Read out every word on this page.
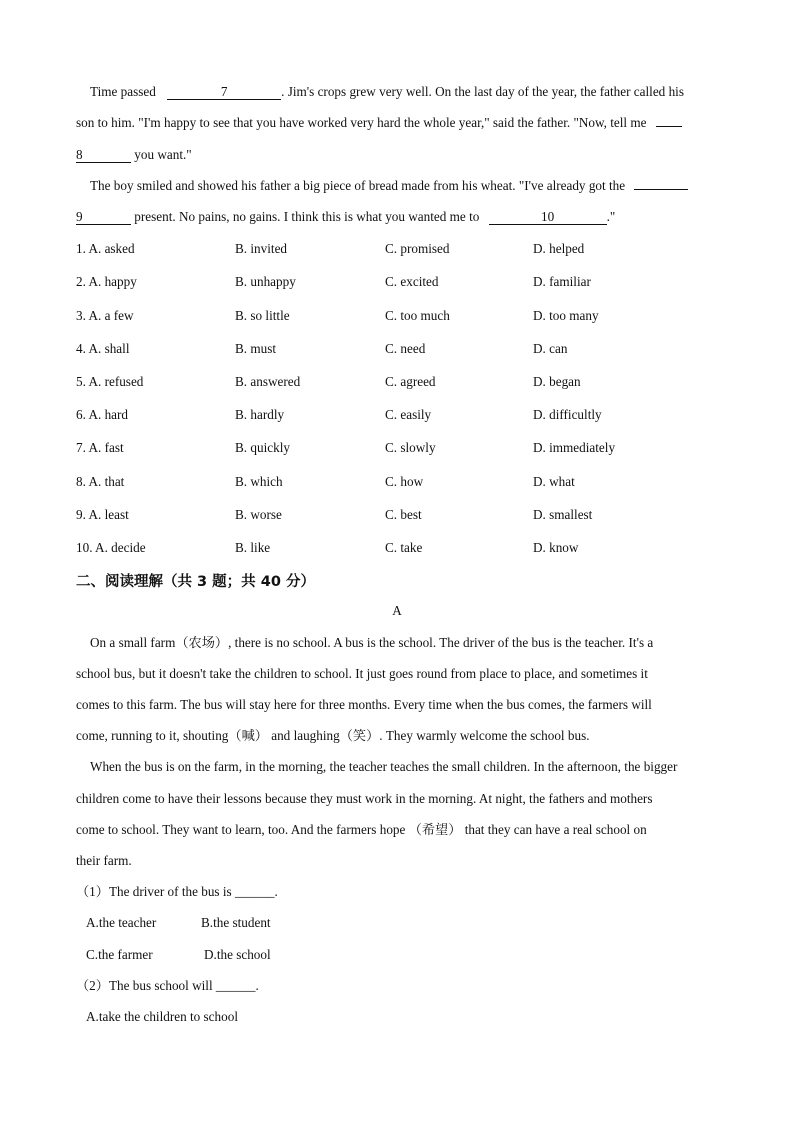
Time passed	7	. Jim's crops grew very well. On the last day of the year, the father called his
son to him. "I'm happy to see that you have worked very hard the whole year," said the father. "Now, tell me
8	you want."
The boy smiled and showed his father a big piece of bread made from his wheat. "I've already got the
9	present. No pains, no gains. I think this is what you wanted me to	10	."
1. A. asked	B. invited	C. promised	D. helped
2. A. happy	B. unhappy	C. excited	D. familiar
3. A. a few	B. so little	C. too much	D. too many
4. A. shall	B. must	C. need	D. can
5. A. refused	B. answered	C. agreed	D. began
6. A. hard	B. hardly	C. easily	D. difficultly
7. A. fast	B. quickly	C. slowly	D. immediately
8. A. that	B. which	C. how	D. what
9. A. least	B. worse	C. best	D. smallest
10. A. decide	B. like	C. take	D. know
二、阅读理解（共 3 题；共 40 分）
A
On a small farm（农场）, there is no school. A bus is the school. The driver of the bus is the teacher. It's a
school bus, but it doesn't take the children to school. It just goes round from place to place, and sometimes it
comes to this farm. The bus will stay here for three months. Every time when the bus comes, the farmers will
come, running to it, shouting（喊） and laughing（笑）. They warmly welcome the school bus.
When the bus is on the farm, in the morning, the teacher teaches the small children. In the afternoon, the bigger
children come to have their lessons because they must work in the morning. At night, the fathers and mothers
come to school. They want to learn, too. And the farmers hope （希望） that they can have a real school on
their farm.
（1）The driver of the bus is ______.
A.the teacher	B.the student
C.the farmer	D.the school
（2）The bus school will ______.
A.take the children to school
